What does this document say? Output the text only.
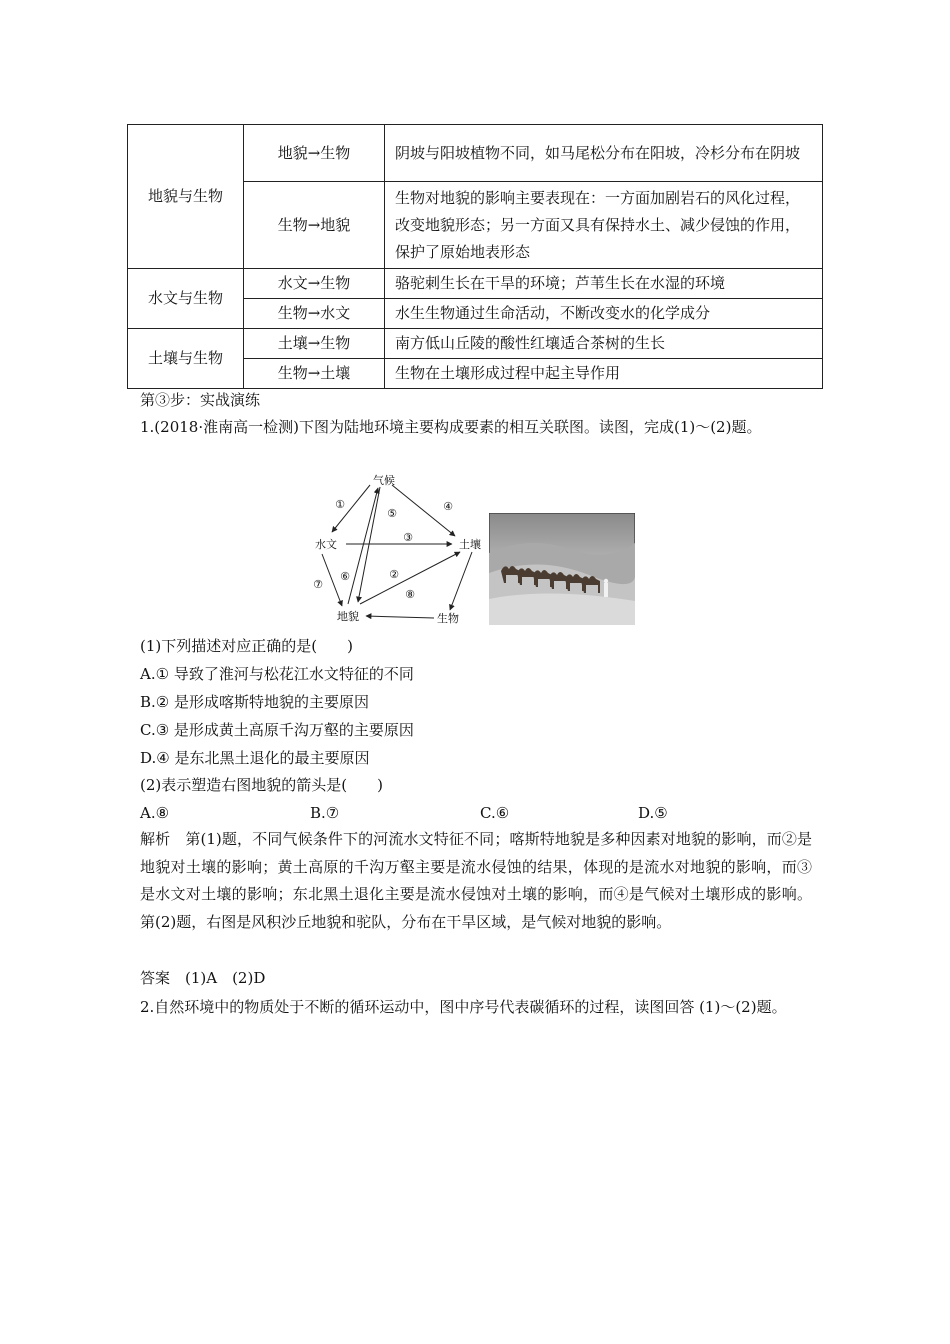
地貌与生物	地貌→生物	阴坡与阳坡植物不同，如马尾松分布在阳坡，冷杉分布在阴坡
	生物→地貌	生物对地貌的影响主要表现在：一方面加剧岩石的风化过程，改变地貌形态；另一方面又具有保持水土、减少侵蚀的作用，保护了原始地表形态
水文与生物	水文→生物	骆驼刺生长在干旱的环境；芦苇生长在水湿的环境
	生物→水文	水生生物通过生命活动，不断改变水的化学成分
土壤与生物	土壤→生物	南方低山丘陵的酸性红壤适合茶树的生长
	生物→土壤	生物在土壤形成过程中起主导作用
第③步：实战演练
1.(2018·淮南高一检测)下图为陆地环境主要构成要素的相互关联图。读图，完成(1)～(2)题。
气候
水文	土壤
地貌	生物
①
②
③
④
⑤
⑥
⑦
⑧
(1)下列描述对应正确的是(　　)
A.① 导致了淮河与松花江水文特征的不同
B.② 是形成喀斯特地貌的主要原因
C.③ 是形成黄土高原千沟万壑的主要原因
D.④ 是东北黑土退化的最主要原因
(2)表示塑造右图地貌的箭头是(　　)
A.⑧	B.⑦	C.⑥	D.⑤
解析　第(1)题，不同气候条件下的河流水文特征不同；喀斯特地貌是多种因素对地貌的影响，而②是地貌对土壤的影响；黄土高原的千沟万壑主要是流水侵蚀的结果，体现的是流水对地貌的影响，而③是水文对土壤的影响；东北黑土退化主要是流水侵蚀对土壤的影响，而④是气候对土壤形成的影响。第(2)题，右图是风积沙丘地貌和驼队，分布在干旱区域，是气候对地貌的影响。
答案　(1)A　(2)D
2.自然环境中的物质处于不断的循环运动中，图中序号代表碳循环的过程，读图回答 (1)～(2)题。
